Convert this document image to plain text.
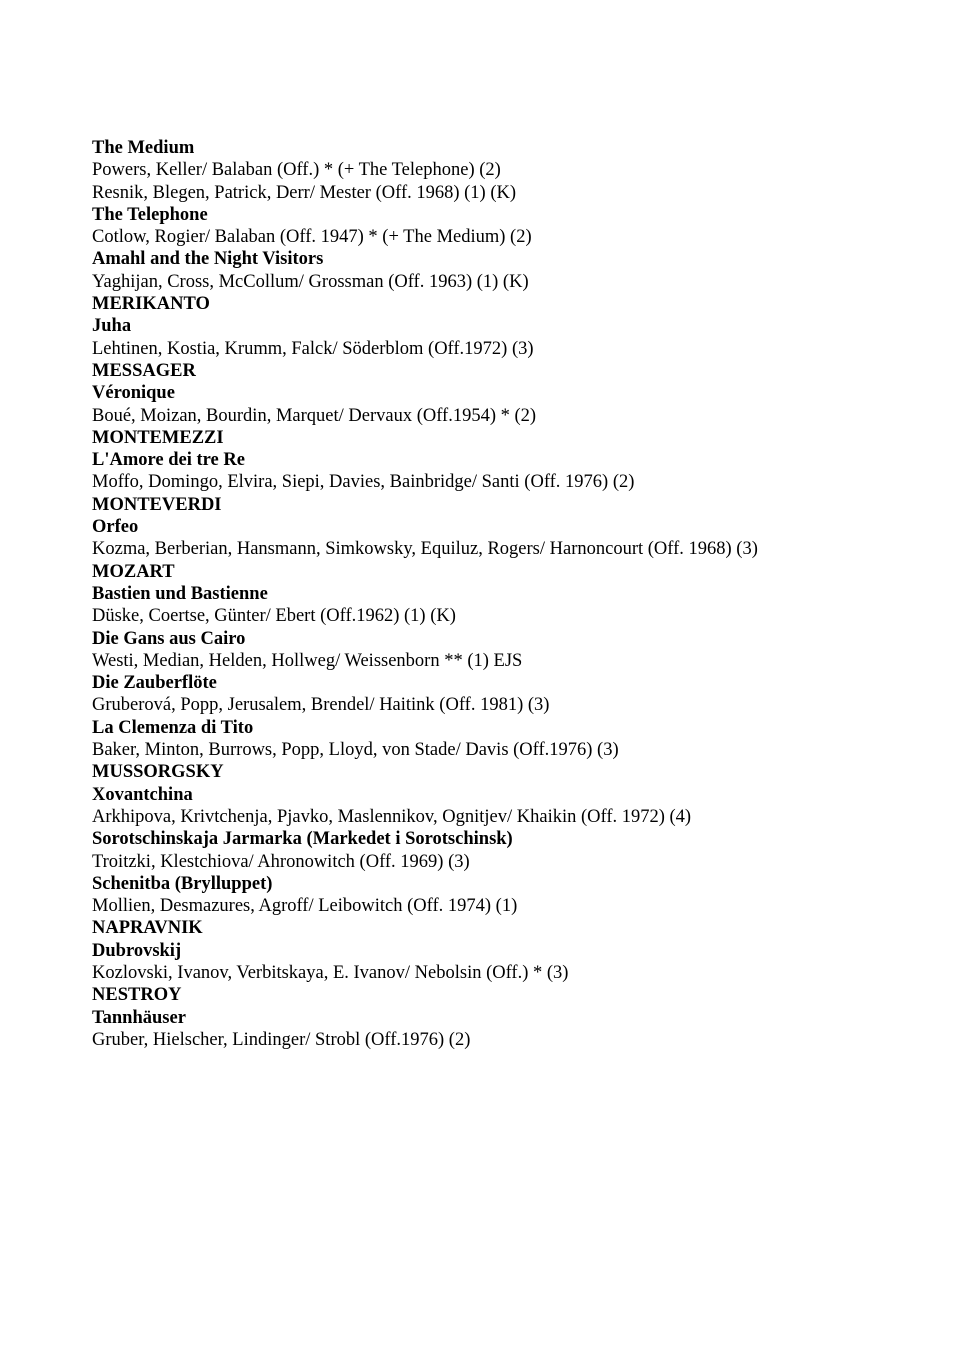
The Medium

Powers, Keller/ Balaban (Off.) * (+ The Telephone) (2)

Resnik, Blegen, Patrick, Derr/ Mester (Off. 1968) (1) (K)

The Telephone

Cotlow, Rogier/ Balaban (Off. 1947) * (+ The Medium) (2)

Amahl and the Night Visitors

Yaghijan, Cross, McCollum/ Grossman (Off. 1963) (1) (K)

MERIKANTO

Juha

Lehtinen, Kostia, Krumm, Falck/ Söderblom (Off.1972) (3)

MESSAGER

Véronique

Boué, Moizan, Bourdin, Marquet/ Dervaux (Off.1954) * (2)

MONTEMEZZI

L'Amore dei tre Re

Moffo, Domingo, Elvira, Siepi, Davies, Bainbridge/ Santi (Off. 1976) (2)

MONTEVERDI

Orfeo

Kozma, Berberian, Hansmann, Simkowsky, Equiluz, Rogers/ Harnoncourt (Off. 1968) (3)

MOZART

Bastien und Bastienne

Düske, Coertse, Günter/ Ebert (Off.1962) (1) (K)

Die Gans aus Cairo

Westi, Median, Helden, Hollweg/ Weissenborn ** (1) EJS

Die Zauberflöte

Gruberová, Popp, Jerusalem, Brendel/ Haitink (Off. 1981) (3)

La Clemenza di Tito

Baker, Minton, Burrows, Popp, Lloyd, von Stade/ Davis (Off.1976) (3)

MUSSORGSKY

Xovantchina

Arkhipova, Krivtchenja, Pjavko, Maslennikov, Ognitjev/ Khaikin (Off. 1972) (4)

Sorotschinskaja Jarmarka (Markedet i Sorotschinsk)

Troitzki, Klestchiova/ Ahronowitch (Off. 1969) (3)

Schenitba (Brylluppet)

Mollien, Desmazures, Agroff/ Leibowitch (Off. 1974) (1)

NAPRAVNIK

Dubrovskij

Kozlovski, Ivanov, Verbitskaya, E. Ivanov/ Nebolsin (Off.) * (3)

NESTROY

Tannhäuser

Gruber, Hielscher, Lindinger/ Strobl (Off.1976) (2)
